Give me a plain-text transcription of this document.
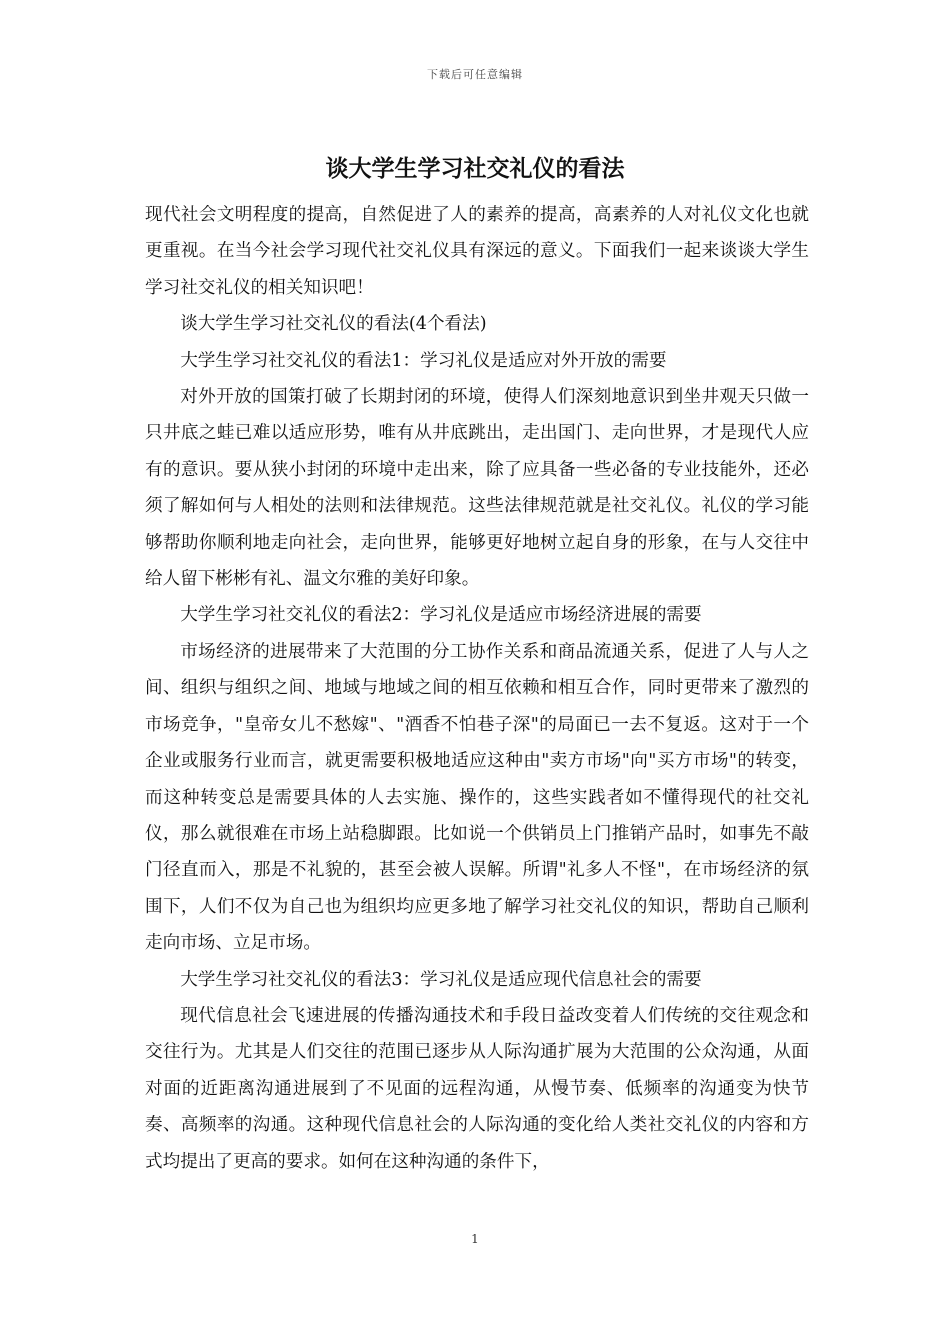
下载后可任意编辑
谈大学生学习社交礼仪的看法

现代社会文明程度的提高，自然促进了人的素养的提高，高素养的人对礼仪文化也就更重视。在当今社会学习现代社交礼仪具有深远的意义。下面我们一起来谈谈大学生学习社交礼仪的相关知识吧！

谈大学生学习社交礼仪的看法(4个看法)

大学生学习社交礼仪的看法1：学习礼仪是适应对外开放的需要

对外开放的国策打破了长期封闭的环境，使得人们深刻地意识到坐井观天只做一只井底之蛙已难以适应形势，唯有从井底跳出，走出国门、走向世界，才是现代人应有的意识。要从狭小封闭的环境中走出来，除了应具备一些必备的专业技能外，还必须了解如何与人相处的法则和法律规范。这些法律规范就是社交礼仪。礼仪的学习能够帮助你顺利地走向社会，走向世界，能够更好地树立起自身的形象，在与人交往中给人留下彬彬有礼、温文尔雅的美好印象。

大学生学习社交礼仪的看法2：学习礼仪是适应市场经济进展的需要

市场经济的进展带来了大范围的分工协作关系和商品流通关系，促进了人与人之间、组织与组织之间、地域与地域之间的相互依赖和相互合作，同时更带来了激烈的市场竞争，"皇帝女儿不愁嫁"、"酒香不怕巷子深"的局面已一去不复返。这对于一个企业或服务行业而言，就更需要积极地适应这种由"卖方市场"向"买方市场"的转变，而这种转变总是需要具体的人去实施、操作的，这些实践者如不懂得现代的社交礼仪，那么就很难在市场上站稳脚跟。比如说一个供销员上门推销产品时，如事先不敲门径直而入，那是不礼貌的，甚至会被人误解。所谓"礼多人不怪"，在市场经济的氛围下，人们不仅为自己也为组织均应更多地了解学习社交礼仪的知识，帮助自己顺利走向市场、立足市场。

大学生学习社交礼仪的看法3：学习礼仪是适应现代信息社会的需要

现代信息社会飞速进展的传播沟通技术和手段日益改变着人们传统的交往观念和交往行为。尤其是人们交往的范围已逐步从人际沟通扩展为大范围的公众沟通，从面对面的近距离沟通进展到了不见面的远程沟通，从慢节奏、低频率的沟通变为快节奏、高频率的沟通。这种现代信息社会的人际沟通的变化给人类社交礼仪的内容和方式均提出了更高的要求。如何在这种沟通的条件下，

1
